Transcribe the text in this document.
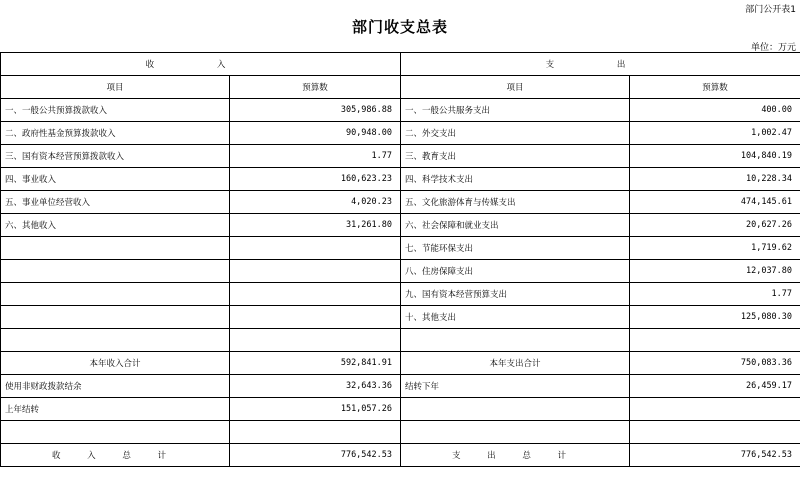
部门公开表1
部门收支总表
单位：万元
收 入		支 出	
项目	预算数	项目	预算数
一、一般公共预算拨款收入	305,986.88	一、一般公共服务支出	400.00
二、政府性基金预算拨款收入	90,948.00	二、外交支出	1,002.47
三、国有资本经营预算拨款收入	1.77	三、教育支出	104,840.19
四、事业收入	160,623.23	四、科学技术支出	10,228.34
五、事业单位经营收入	4,020.23	五、文化旅游体育与传媒支出	474,145.61
六、其他收入	31,261.80	六、社会保障和就业支出	20,627.26
		七、节能环保支出	1,719.62
		八、住房保障支出	12,037.80
		九、国有资本经营预算支出	1.77
		十、其他支出	125,080.30

本年收入合计	592,841.91	本年支出合计	750,083.36
使用非财政拨款结余	32,643.36	结转下年	26,459.17
上年结转	151,057.26		

收 入 总 计	776,542.53	支 出 总 计	776,542.53
